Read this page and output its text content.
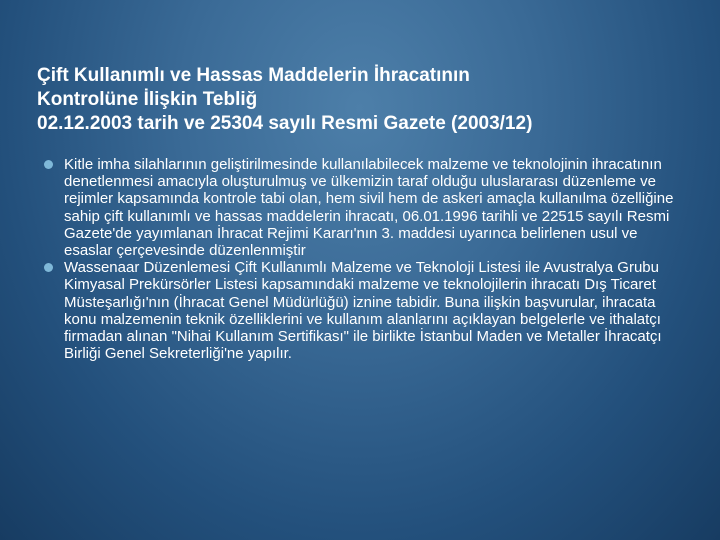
Çift Kullanımlı ve Hassas Maddelerin İhracatının
Kontrolüne İlişkin Tebliğ
02.12.2003 tarih ve 25304 sayılı Resmi Gazete (2003/12)
Kitle imha silahlarının geliştirilmesinde kullanılabilecek malzeme ve teknolojinin ihracatının denetlenmesi amacıyla oluşturulmuş ve ülkemizin taraf olduğu uluslararası düzenleme ve rejimler kapsamında kontrole tabi olan, hem sivil hem de askeri amaçla kullanılma özelliğine sahip çift kullanımlı ve hassas maddelerin ihracatı, 06.01.1996 tarihli ve 22515 sayılı Resmi Gazete'de yayımlanan İhracat Rejimi Kararı'nın 3. maddesi uyarınca belirlenen usul ve esaslar çerçevesinde düzenlenmiştir
Wassenaar Düzenlemesi Çift Kullanımlı Malzeme ve Teknoloji Listesi ile Avustralya Grubu Kimyasal Prekürsörler Listesi kapsamındaki malzeme ve teknolojilerin ihracatı Dış Ticaret Müsteşarlığı'nın (İhracat Genel Müdürlüğü) iznine tabidir. Buna ilişkin başvurular, ihracata konu malzemenin teknik özelliklerini ve kullanım alanlarını açıklayan belgelerle ve ithalatçı firmadan alınan "Nihai Kullanım Sertifikası" ile birlikte İstanbul Maden ve Metaller İhracatçı Birliği Genel Sekreterliği'ne yapılır.
